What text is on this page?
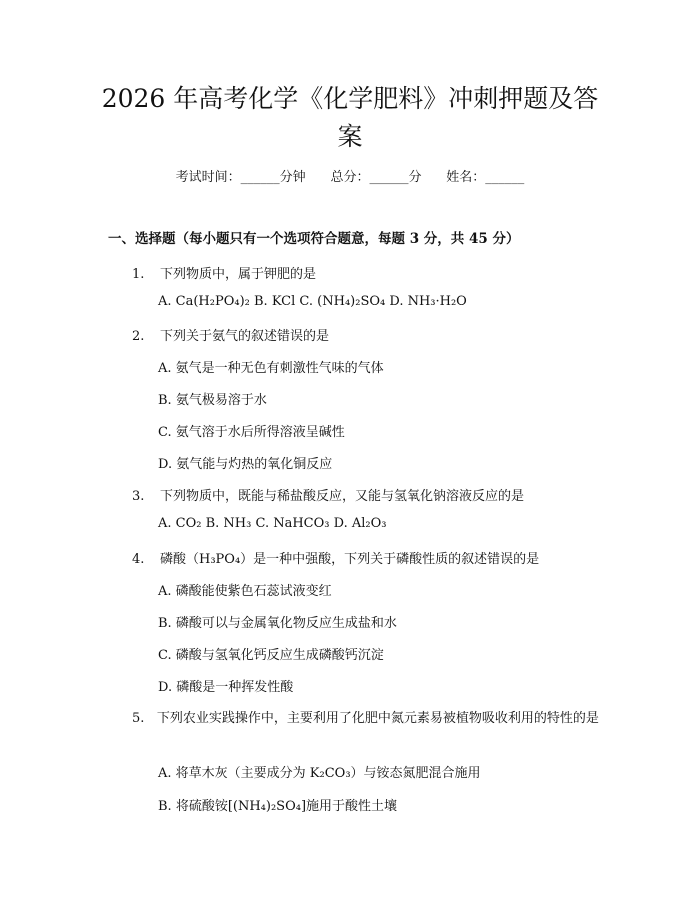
2026 年高考化学《化学肥料》冲刺押题及答案
考试时间：______分钟 总分：______分 姓名：______
一、选择题（每小题只有一个选项符合题意，每题 3 分，共 45 分）
1. 下列物质中，属于钾肥的是
A. Ca(H₂PO₄)₂ B. KCl C. (NH₄)₂SO₄ D. NH₃·H₂O
2. 下列关于氨气的叙述错误的是
A. 氨气是一种无色有刺激性气味的气体
B. 氨气极易溶于水
C. 氨气溶于水后所得溶液呈碱性
D. 氨气能与灼热的氧化铜反应
3. 下列物质中，既能与稀盐酸反应，又能与氢氧化钠溶液反应的是
A. CO₂ B. NH₃ C. NaHCO₃ D. Al₂O₃
4. 磷酸（H₃PO₄）是一种中强酸，下列关于磷酸性质的叙述错误的是
A. 磷酸能使紫色石蕊试液变红
B. 磷酸可以与金属氧化物反应生成盐和水
C. 磷酸与氢氧化钙反应生成磷酸钙沉淀
D. 磷酸是一种挥发性酸
5. 下列农业实践操作中，主要利用了化肥中氮元素易被植物吸收利用的特性的是
A. 将草木灰（主要成分为 K₂CO₃）与铵态氮肥混合施用
B. 将硫酸铵[(NH₄)₂SO₄]施用于酸性土壤
